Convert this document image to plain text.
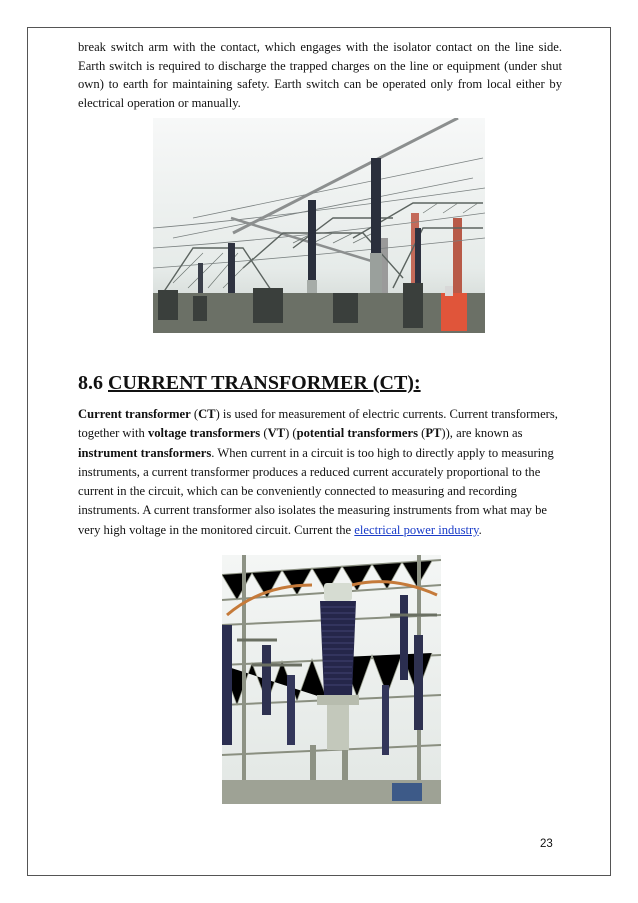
break switch arm with the contact, which engages with the isolator contact on the line side. Earth switch is required to discharge the trapped charges on the line or equipment (under shut own) to earth for maintaining safety. Earth switch can be operated only from local either by electrical operation or manually.

8.6 CURRENT TRANSFORMER (CT):

Current transformer (CT) is used for measurement of electric currents. Current transformers, together with voltage transformers (VT) (potential transformers (PT)), are known as instrument transformers. When current in a circuit is too high to directly apply to measuring instruments, a current transformer produces a reduced current accurately proportional to the current in the circuit, which can be conveniently connected to measuring and recording instruments. A current transformer also isolates the measuring instruments from what may be very high voltage in the monitored circuit. Current the electrical power industry.

23
